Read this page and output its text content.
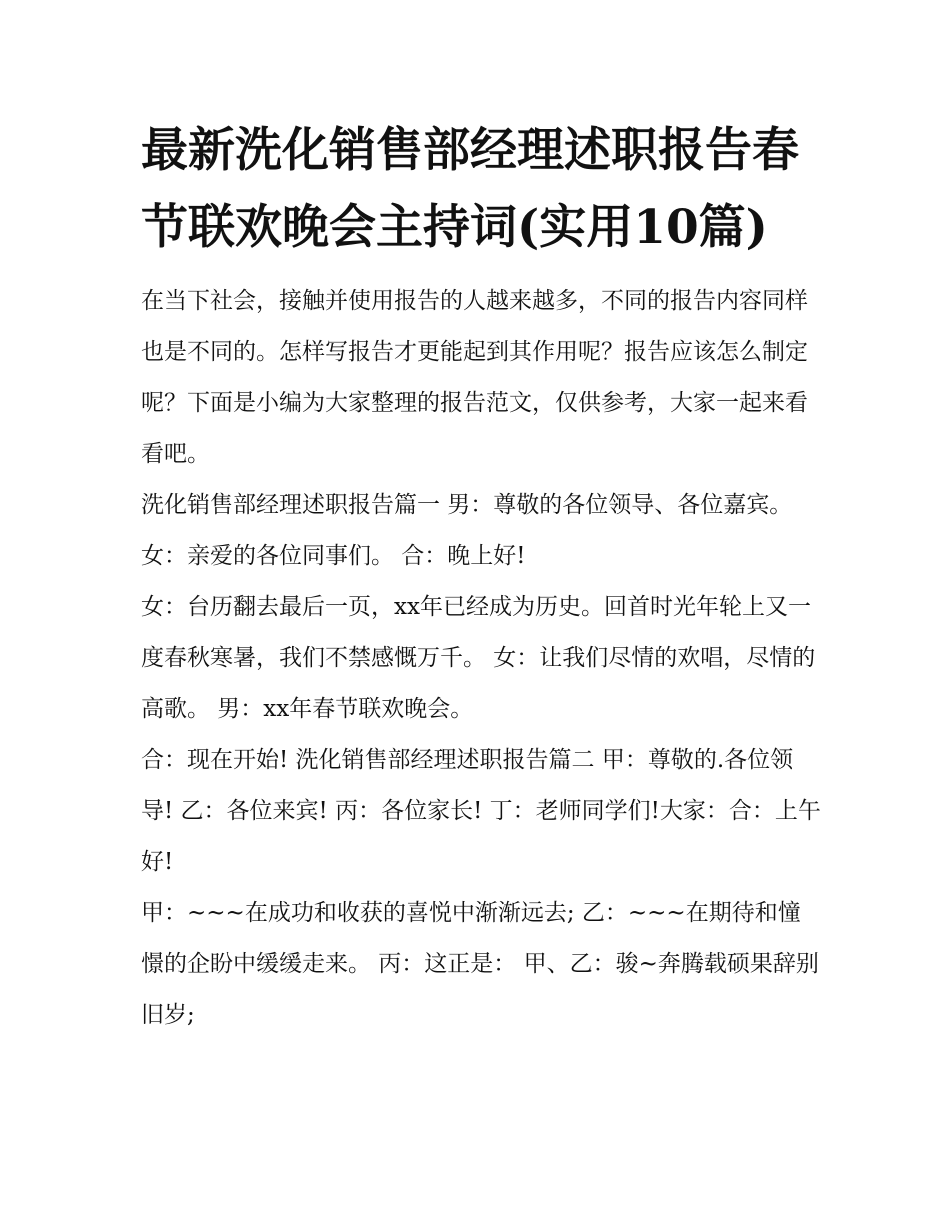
最新洗化销售部经理述职报告春节联欢晚会主持词(实用10篇)

在当下社会，接触并使用报告的人越来越多，不同的报告内容同样也是不同的。怎样写报告才更能起到其作用呢？报告应该怎么制定呢？下面是小编为大家整理的报告范文，仅供参考，大家一起来看看吧。

洗化销售部经理述职报告篇一 男：尊敬的各位领导、各位嘉宾。 女：亲爱的各位同事们。 合：晚上好!

女：台历翻去最后一页，xx年已经成为历史。回首时光年轮上又一度春秋寒暑，我们不禁感慨万千。 女：让我们尽情的欢唱，尽情的高歌。 男：xx年春节联欢晚会。

合：现在开始! 洗化销售部经理述职报告篇二 甲：尊敬的.各位领导! 乙：各位来宾! 丙：各位家长! 丁：老师同学们!大家：合：上午好!

甲：~~~在成功和收获的喜悦中渐渐远去; 乙：~~~在期待和憧憬的企盼中缓缓走来。 丙：这正是： 甲、乙：骏~奔腾载硕果辞别旧岁;
